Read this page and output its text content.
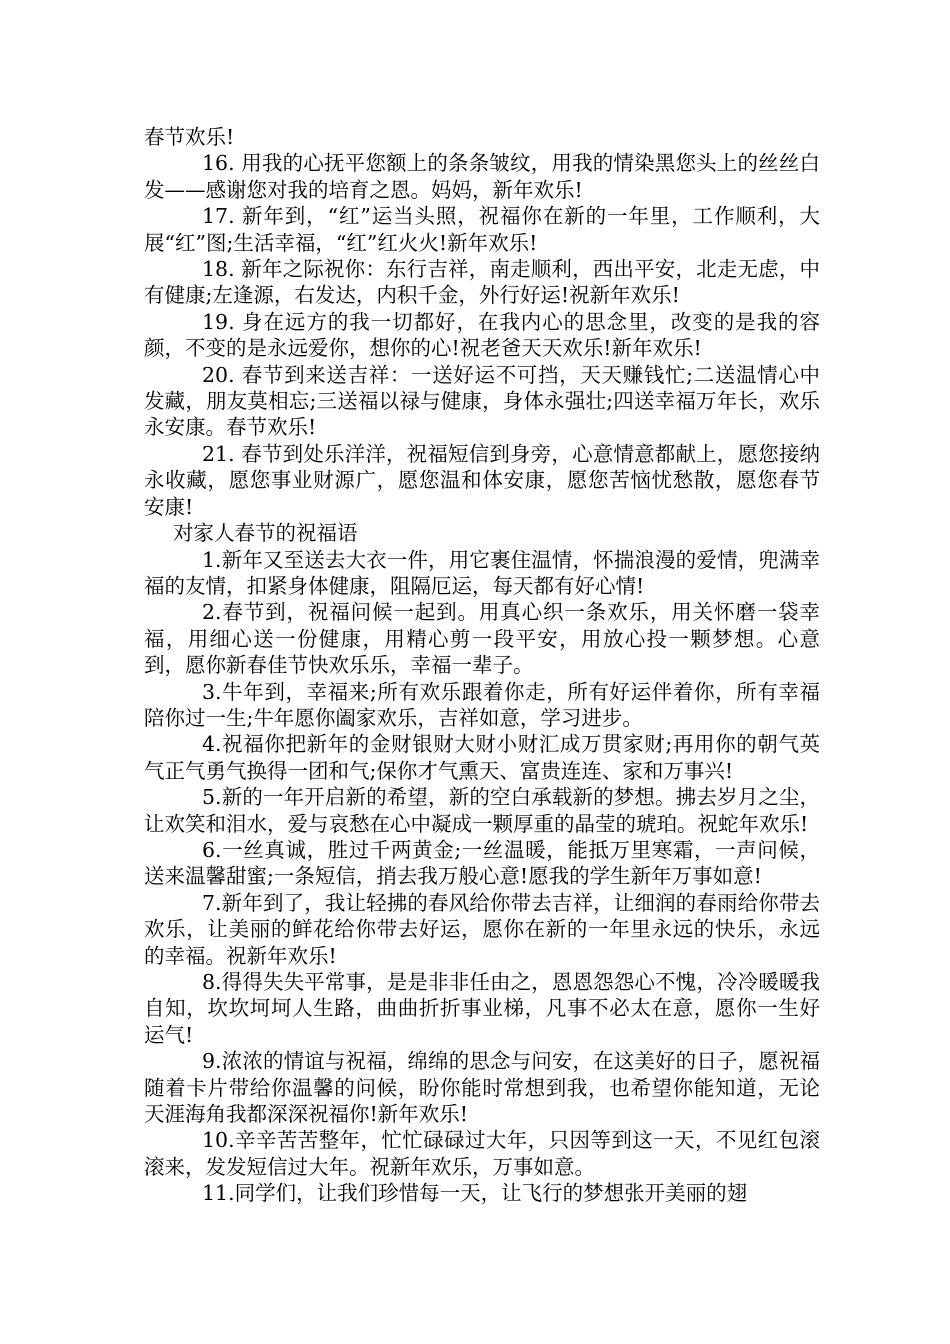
春节欢乐!

16. 用我的心抚平您额上的条条皱纹，用我的情染黑您头上的丝丝白发——感谢您对我的培育之恩。妈妈，新年欢乐!

17. 新年到，“红”运当头照，祝福你在新的一年里，工作顺利，大展“红”图;生活幸福，“红”红火火!新年欢乐!

18. 新年之际祝你：东行吉祥，南走顺利，西出平安，北走无虑，中有健康;左逢源，右发达，内积千金，外行好运!祝新年欢乐!

19. 身在远方的我一切都好，在我内心的思念里，改变的是我的容颜，不变的是永远爱你，想你的心!祝老爸天天欢乐!新年欢乐!

20. 春节到来送吉祥：一送好运不可挡，天天赚钱忙;二送温情心中发藏，朋友莫相忘;三送福以禄与健康，身体永强壮;四送幸福万年长，欢乐永安康。春节欢乐!

21. 春节到处乐洋洋，祝福短信到身旁，心意情意都献上，愿您接纳永收藏，愿您事业财源广，愿您温和体安康，愿您苦恼忧愁散，愿您春节安康!

对家人春节的祝福语

1.新年又至送去大衣一件，用它裹住温情，怀揣浪漫的爱情，兜满幸福的友情，扣紧身体健康，阻隔厄运，每天都有好心情!

2.春节到，祝福问候一起到。用真心织一条欢乐，用关怀磨一袋幸福，用细心送一份健康，用精心剪一段平安，用放心投一颗梦想。心意到，愿你新春佳节快欢乐乐，幸福一辈子。

3.牛年到，幸福来;所有欢乐跟着你走，所有好运伴着你，所有幸福陪你过一生;牛年愿你阖家欢乐，吉祥如意，学习进步。

4.祝福你把新年的金财银财大财小财汇成万贯家财;再用你的朝气英气正气勇气换得一团和气;保你才气熏天、富贵连连、家和万事兴!

5.新的一年开启新的希望，新的空白承载新的梦想。拂去岁月之尘，让欢笑和泪水，爱与哀愁在心中凝成一颗厚重的晶莹的琥珀。祝蛇年欢乐!

6.一丝真诚，胜过千两黄金;一丝温暖，能抵万里寒霜，一声问候，送来温馨甜蜜;一条短信，捎去我万般心意!愿我的学生新年万事如意!

7.新年到了，我让轻拂的春风给你带去吉祥，让细润的春雨给你带去欢乐，让美丽的鲜花给你带去好运，愿你在新的一年里永远的快乐，永远的幸福。祝新年欢乐!

8.得得失失平常事，是是非非任由之，恩恩怨怨心不愧，冷冷暖暖我自知，坎坎坷坷人生路，曲曲折折事业梯，凡事不必太在意，愿你一生好运气!

9.浓浓的情谊与祝福，绵绵的思念与问安，在这美好的日子，愿祝福随着卡片带给你温馨的问候，盼你能时常想到我，也希望你能知道，无论天涯海角我都深深祝福你!新年欢乐!

10.辛辛苦苦整年，忙忙碌碌过大年，只因等到这一天，不见红包滚滚来，发发短信过大年。祝新年欢乐，万事如意。

11.同学们，让我们珍惜每一天，让飞行的梦想张开美丽的翅
